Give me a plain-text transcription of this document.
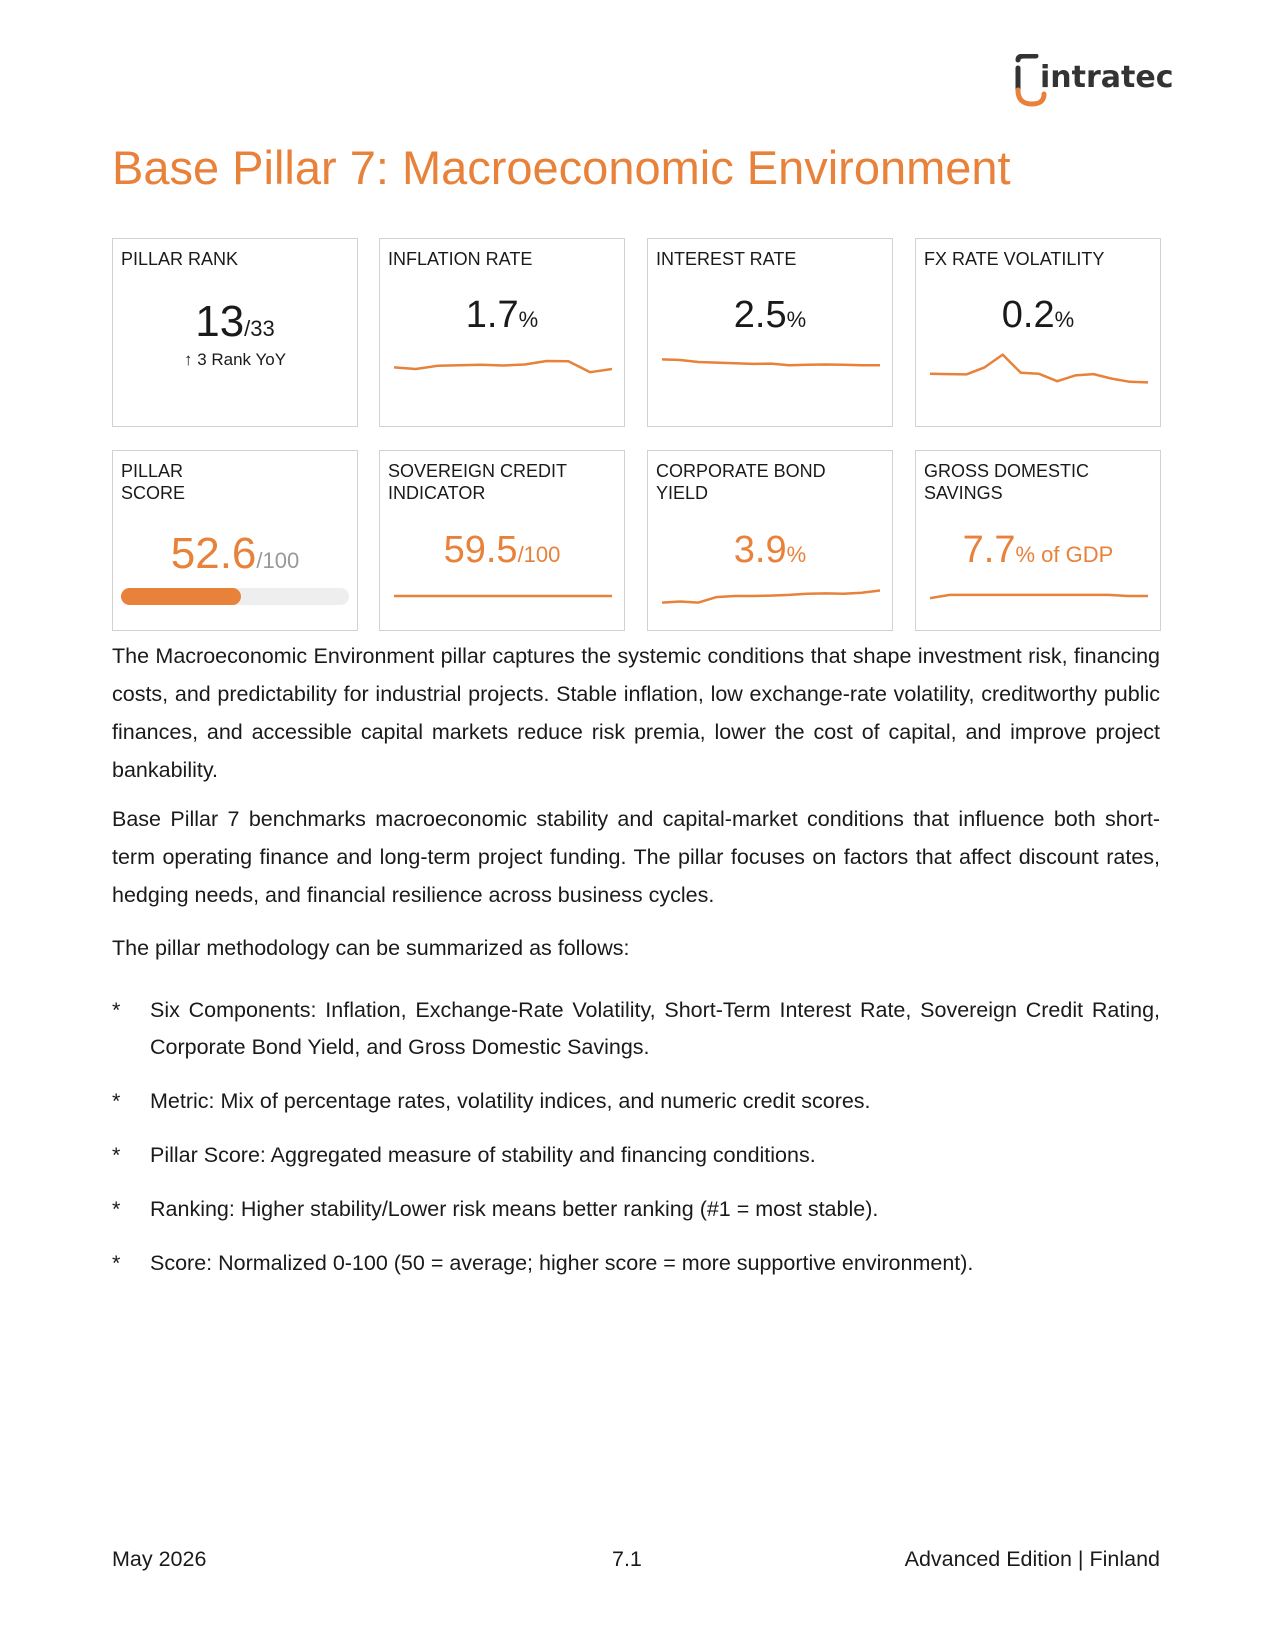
intratec
Base Pillar 7: Macroeconomic Environment
PILLAR RANK
13/33
↑ 3 Rank YoY
INFLATION RATE
1.7%
INTEREST RATE
2.5%
FX RATE VOLATILITY
0.2%
PILLAR
SCORE
52.6/100
SOVEREIGN CREDIT
INDICATOR
59.5/100
CORPORATE BOND
YIELD
3.9%
GROSS DOMESTIC
SAVINGS
7.7% of GDP

The Macroeconomic Environment pillar captures the systemic conditions that shape investment risk, financing costs, and predictability for industrial projects. Stable inflation, low exchange-rate volatility, creditworthy public finances, and accessible capital markets reduce risk premia, lower the cost of capital, and improve project bankability.

Base Pillar 7 benchmarks macroeconomic stability and capital-market conditions that influence both short-term operating finance and long-term project funding. The pillar focuses on factors that affect discount rates, hedging needs, and financial resilience across business cycles.

The pillar methodology can be summarized as follows:

* Six Components: Inflation, Exchange-Rate Volatility, Short-Term Interest Rate, Sovereign Credit Rating, Corporate Bond Yield, and Gross Domestic Savings.
* Metric: Mix of percentage rates, volatility indices, and numeric credit scores.
* Pillar Score: Aggregated measure of stability and financing conditions.
* Ranking: Higher stability/Lower risk means better ranking (#1 = most stable).
* Score: Normalized 0-100 (50 = average; higher score = more supportive environment).
May 2026	7.1	Advanced Edition | Finland
